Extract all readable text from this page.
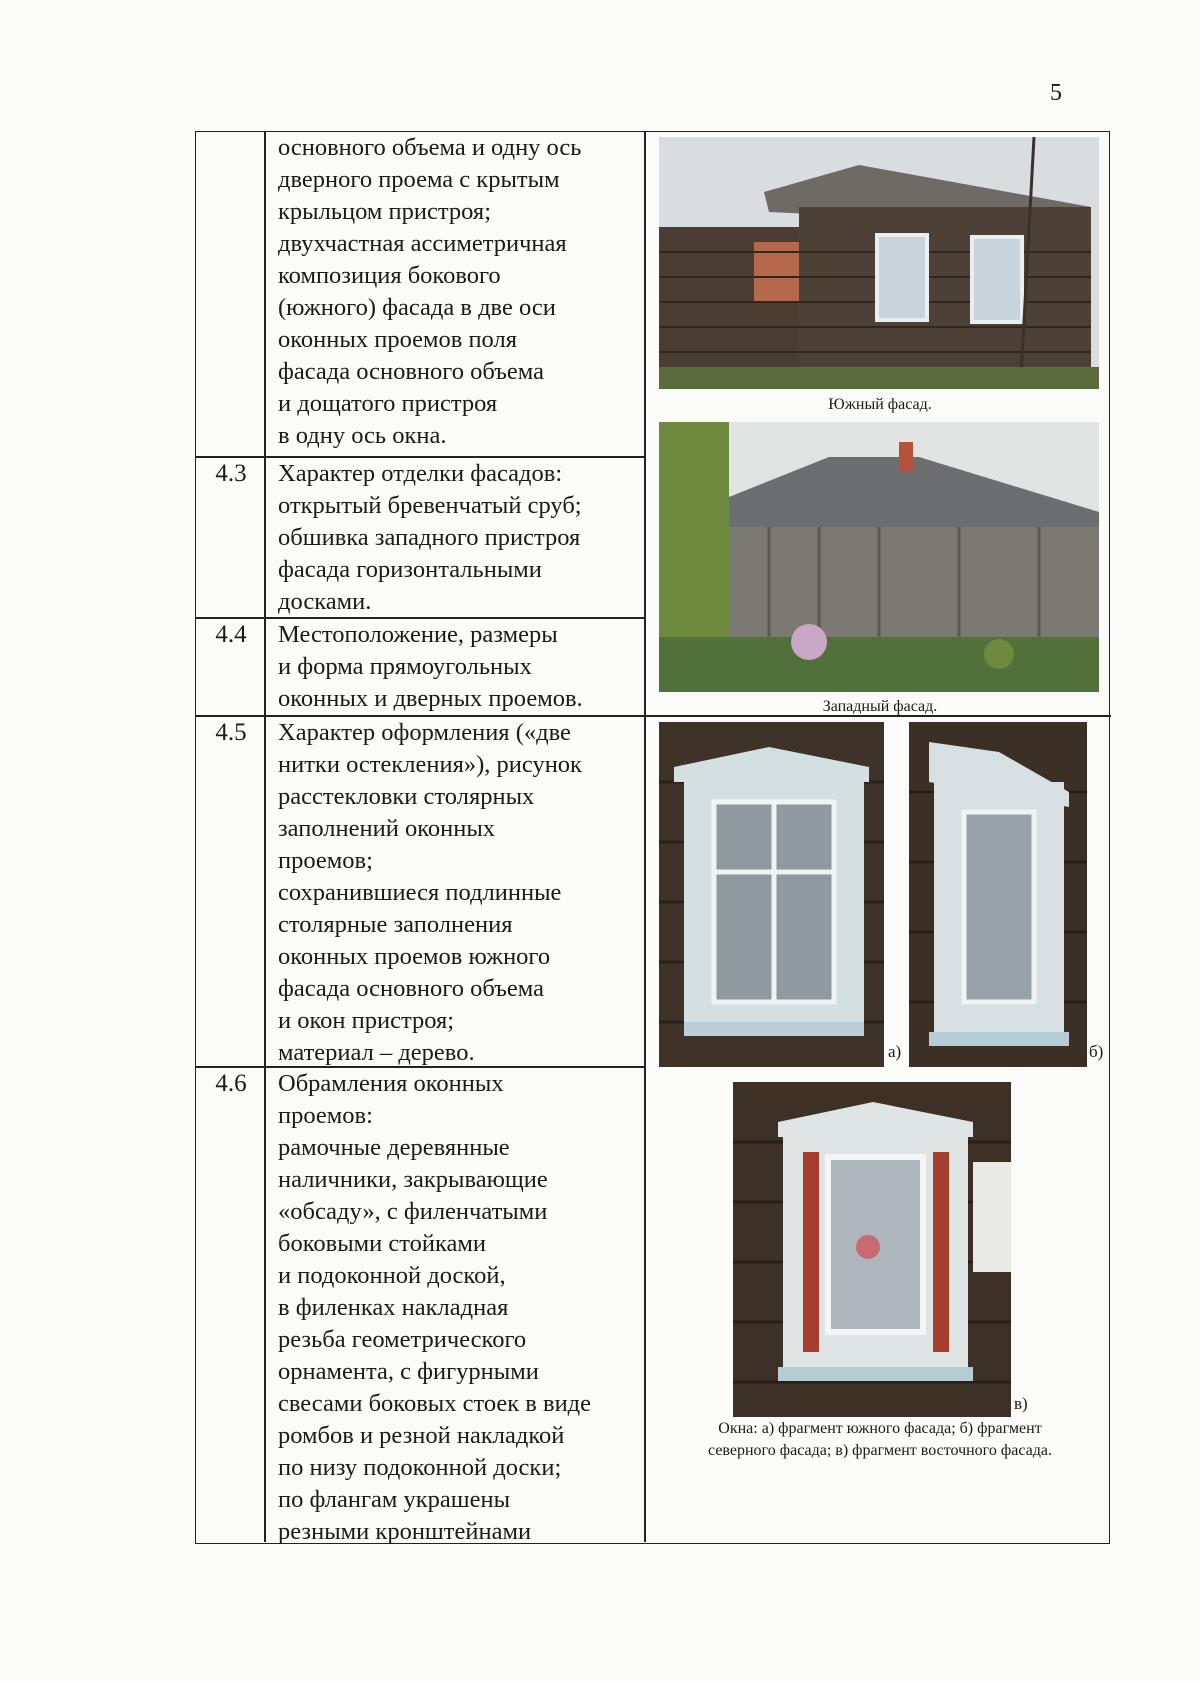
5
основного объема и одну ось
дверного проема с крытым
крыльцом пристроя;
двухчастная ассиметричная
композиция бокового
(южного) фасада в две оси
оконных проемов поля
фасада основного объема
и дощатого пристроя
в одну ось окна.
4.3	Характер отделки фасадов:
открытый бревенчатый сруб;
обшивка западного пристроя
фасада горизонтальными
досками.
4.4	Местоположение, размеры
и форма прямоугольных
оконных и дверных проемов.
4.5	Характер оформления («две
нитки остекления»), рисунок
расстекловки столярных
заполнений оконных
проемов;
сохранившиеся подлинные
столярные заполнения
оконных проемов южного
фасада основного объема
и окон пристроя;
материал – дерево.
4.6	Обрамления оконных
проемов:
рамочные деревянные
наличники, закрывающие
«обсаду», с филенчатыми
боковыми стойками
и подоконной доской,
в филенках накладная
резьба геометрического
орнамента, с фигурными
свесами боковых стоек в виде
ромбов и резной накладкой
по низу подоконной доски;
по флангам украшены
резными кронштейнами
Южный фасад.
Западный фасад.
а)	б)
в)
Окна: а) фрагмент южного фасада; б) фрагмент
северного фасада; в) фрагмент восточного фасада.
